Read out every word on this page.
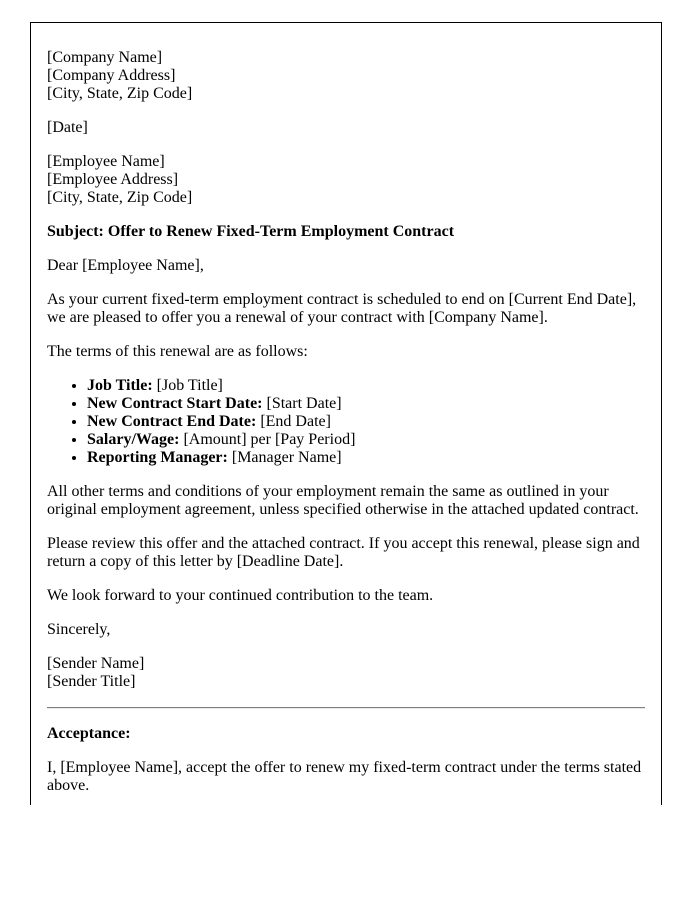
[Company Name]
[Company Address]
[City, State, Zip Code]
[Date]
[Employee Name]
[Employee Address]
[City, State, Zip Code]
Subject: Offer to Renew Fixed-Term Employment Contract
Dear [Employee Name],
As your current fixed-term employment contract is scheduled to end on [Current End Date], we are pleased to offer you a renewal of your contract with [Company Name].
The terms of this renewal are as follows:
• Job Title: [Job Title]
• New Contract Start Date: [Start Date]
• New Contract End Date: [End Date]
• Salary/Wage: [Amount] per [Pay Period]
• Reporting Manager: [Manager Name]
All other terms and conditions of your employment remain the same as outlined in your original employment agreement, unless specified otherwise in the attached updated contract.
Please review this offer and the attached contract. If you accept this renewal, please sign and return a copy of this letter by [Deadline Date].
We look forward to your continued contribution to the team.
Sincerely,
[Sender Name]
[Sender Title]
Acceptance:
I, [Employee Name], accept the offer to renew my fixed-term contract under the terms stated above.
